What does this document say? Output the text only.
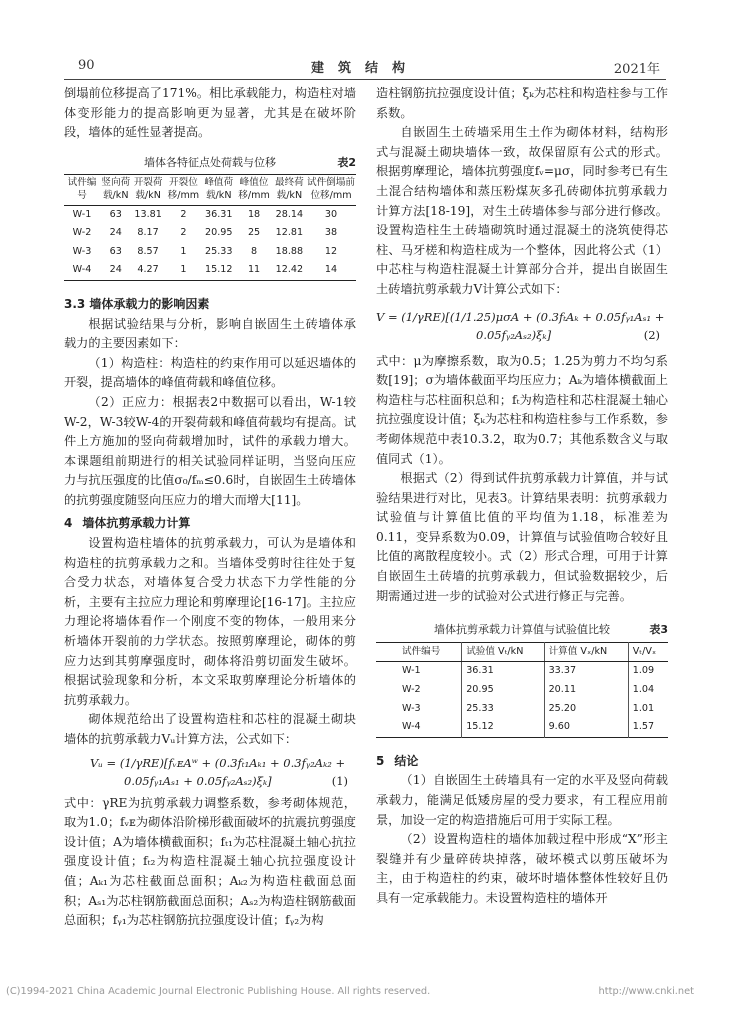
90	建筑结构	2021年

倒塌前位移提高了171%。相比承载能力，构造柱对墙体变形能力的提高影响更为显著，尤其是在破坏阶段，墙体的延性显著提高。

墙体各特征点处荷载与位移	表2
试件编号	竖向荷载/kN	开裂荷载/kN	开裂位移/mm	峰值荷载/kN	峰值位移/mm	最终荷载/kN	试件倒塌前位移/mm
W-1	63	13.81	2	36.31	18	28.14	30
W-2	24	8.17	2	20.95	25	12.81	38
W-3	63	8.57	1	25.33	8	18.88	12
W-4	24	4.27	1	15.12	11	12.42	14

3.3 墙体承载力的影响因素

根据试验结果与分析，影响自嵌固生土砖墙体承载力的主要因素如下：

（1）构造柱：构造柱的约束作用可以延迟墙体的开裂，提高墙体的峰值荷载和峰值位移。

（2）正应力：根据表2中数据可以看出，W-1较W-2，W-3较W-4的开裂荷载和峰值荷载均有提高。试件上方施加的竖向荷载增加时，试件的承载力增大。本课题组前期进行的相关试验同样证明，当竖向压应力与抗压强度的比值σ₀/fₘ≤0.6时，自嵌固生土砖墙体的抗剪强度随竖向压应力的增大而增大[11]。

4 墙体抗剪承载力计算

设置构造柱墙体的抗剪承载力，可认为是墙体和构造柱的抗剪承载力之和。当墙体受剪时往往处于复合受力状态，对墙体复合受力状态下力学性能的分析，主要有主拉应力理论和剪摩理论[16-17]。主拉应力理论将墙体看作一个刚度不变的物体，一般用来分析墙体开裂前的力学状态。按照剪摩理论，砌体的剪应力达到其剪摩强度时，砌体将沿剪切面发生破坏。根据试验现象和分析，本文采取剪摩理论分析墙体的抗剪承载力。

砌体规范给出了设置构造柱和芯柱的混凝土砌块墙体的抗剪承载力Vᵤ计算方法，公式如下：

Vᵤ = (1/γRE)[fᵥᴇAʷ + (0.3fₜ₁Aₖ₁ + 0.3fᵧ₂Aₖ₂ +
0.05fᵧ₁Aₛ₁ + 0.05fᵧ₂Aₛ₂)ξₖ]	(1)

式中：γRE为抗剪承载力调整系数，参考砌体规范，取为1.0；fᵥᴇ为砌体沿阶梯形截面破坏的抗震抗剪强度设计值；A为墙体横截面积；fₜ₁为芯柱混凝土轴心抗拉强度设计值；fₜ₂为构造柱混凝土轴心抗拉强度设计值；Aₖ₁为芯柱截面总面积；Aₖ₂为构造柱截面总面积；Aₛ₁为芯柱钢筋截面总面积；Aₛ₂为构造柱钢筋截面总面积；fᵧ₁为芯柱钢筋抗拉强度设计值；fᵧ₂为构

造柱钢筋抗拉强度设计值；ξₖ为芯柱和构造柱参与工作系数。

自嵌固生土砖墙采用生土作为砌体材料，结构形式与混凝土砌块墙体一致，故保留原有公式的形式。根据剪摩理论，墙体抗剪强度fᵥ=μσ，同时参考已有生土混合结构墙体和蒸压粉煤灰多孔砖砌体抗剪承载力计算方法[18-19]，对生土砖墙体参与部分进行修改。设置构造柱生土砖墙砌筑时通过混凝土的浇筑使得芯柱、马牙槎和构造柱成为一个整体，因此将公式（1）中芯柱与构造柱混凝土计算部分合并，提出自嵌固生土砖墙抗剪承载力V计算公式如下：

V = (1/γRE)[(1/1.25)μσA + (0.3fₜAₖ + 0.05fᵧ₁Aₛ₁ +
0.05fᵧ₂Aₛ₂)ξₖ]	(2)

式中：μ为摩擦系数，取为0.5；1.25为剪力不均匀系数[19]；σ为墙体截面平均压应力；Aₖ为墙体横截面上构造柱与芯柱面积总和；fₜ为构造柱和芯柱混凝土轴心抗拉强度设计值；ξₖ为芯柱和构造柱参与工作系数，参考砌体规范中表10.3.2，取为0.7；其他系数含义与取值同式（1）。

根据式（2）得到试件抗剪承载力计算值，并与试验结果进行对比，见表3。计算结果表明：抗剪承载力试验值与计算值比值的平均值为1.18，标准差为0.11，变异系数为0.09，计算值与试验值吻合较好且比值的离散程度较小。式（2）形式合理，可用于计算自嵌固生土砖墙的抗剪承载力，但试验数据较少，后期需通过进一步的试验对公式进行修正与完善。

墙体抗剪承载力计算值与试验值比较	表3
试件编号	试验值 Vₜ/kN	计算值 Vₓ/kN	Vₜ/Vₓ
W-1	36.31	33.37	1.09
W-2	20.95	20.11	1.04
W-3	25.33	25.20	1.01
W-4	15.12	9.60	1.57

5 结论

（1）自嵌固生土砖墙具有一定的水平及竖向荷载承载力，能满足低矮房屋的受力要求，有工程应用前景，加设一定的构造措施后可用于实际工程。

（2）设置构造柱的墙体加载过程中形成“X”形主裂缝并有少量碎砖块掉落，破坏模式以剪压破坏为主，由于构造柱的约束，破坏时墙体整体性较好且仍具有一定承载能力。未设置构造柱的墙体开

(C)1994-2021 China Academic Journal Electronic Publishing House. All rights reserved.	http://www.cnki.net
